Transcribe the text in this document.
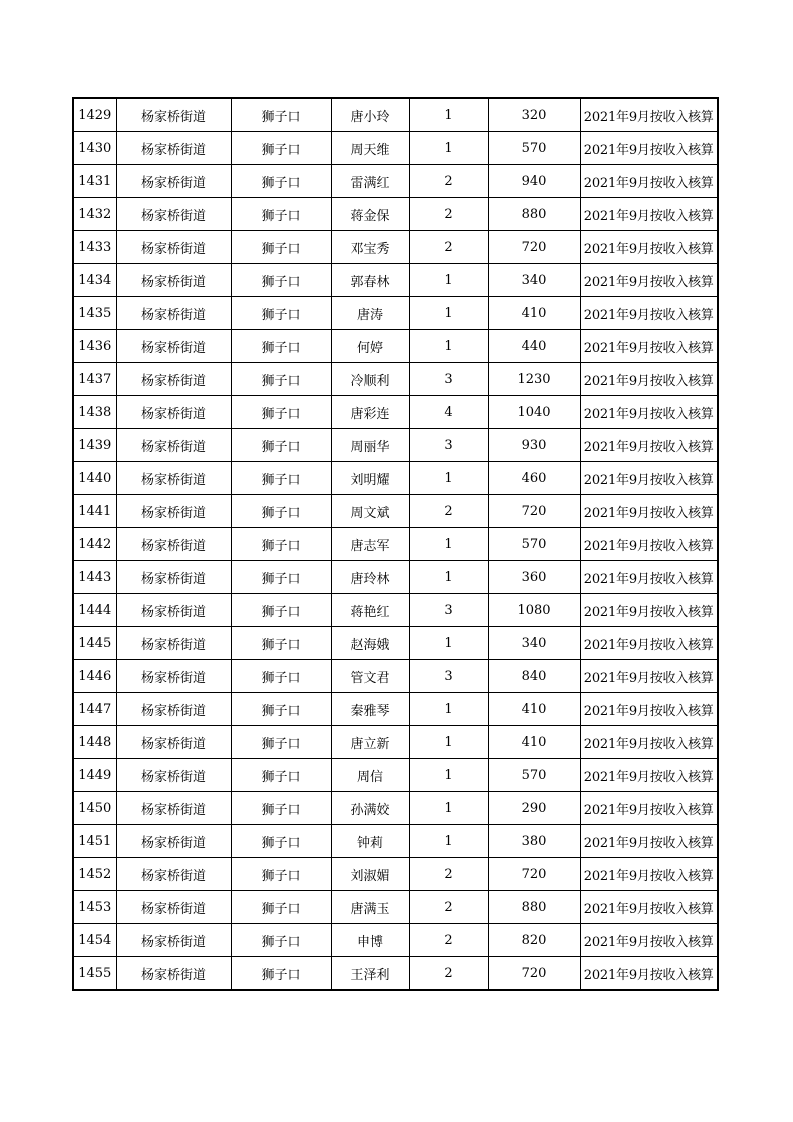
1429	杨家桥街道	狮子口	唐小玲	1	320	2021年9月按收入核算
1430	杨家桥街道	狮子口	周天维	1	570	2021年9月按收入核算
1431	杨家桥街道	狮子口	雷满红	2	940	2021年9月按收入核算
1432	杨家桥街道	狮子口	蒋金保	2	880	2021年9月按收入核算
1433	杨家桥街道	狮子口	邓宝秀	2	720	2021年9月按收入核算
1434	杨家桥街道	狮子口	郭春林	1	340	2021年9月按收入核算
1435	杨家桥街道	狮子口	唐涛	1	410	2021年9月按收入核算
1436	杨家桥街道	狮子口	何婷	1	440	2021年9月按收入核算
1437	杨家桥街道	狮子口	冷顺利	3	1230	2021年9月按收入核算
1438	杨家桥街道	狮子口	唐彩连	4	1040	2021年9月按收入核算
1439	杨家桥街道	狮子口	周丽华	3	930	2021年9月按收入核算
1440	杨家桥街道	狮子口	刘明耀	1	460	2021年9月按收入核算
1441	杨家桥街道	狮子口	周文斌	2	720	2021年9月按收入核算
1442	杨家桥街道	狮子口	唐志军	1	570	2021年9月按收入核算
1443	杨家桥街道	狮子口	唐玲林	1	360	2021年9月按收入核算
1444	杨家桥街道	狮子口	蒋艳红	3	1080	2021年9月按收入核算
1445	杨家桥街道	狮子口	赵海娥	1	340	2021年9月按收入核算
1446	杨家桥街道	狮子口	管文君	3	840	2021年9月按收入核算
1447	杨家桥街道	狮子口	秦雅琴	1	410	2021年9月按收入核算
1448	杨家桥街道	狮子口	唐立新	1	410	2021年9月按收入核算
1449	杨家桥街道	狮子口	周信	1	570	2021年9月按收入核算
1450	杨家桥街道	狮子口	孙满姣	1	290	2021年9月按收入核算
1451	杨家桥街道	狮子口	钟莉	1	380	2021年9月按收入核算
1452	杨家桥街道	狮子口	刘淑媚	2	720	2021年9月按收入核算
1453	杨家桥街道	狮子口	唐满玉	2	880	2021年9月按收入核算
1454	杨家桥街道	狮子口	申博	2	820	2021年9月按收入核算
1455	杨家桥街道	狮子口	王泽利	2	720	2021年9月按收入核算
